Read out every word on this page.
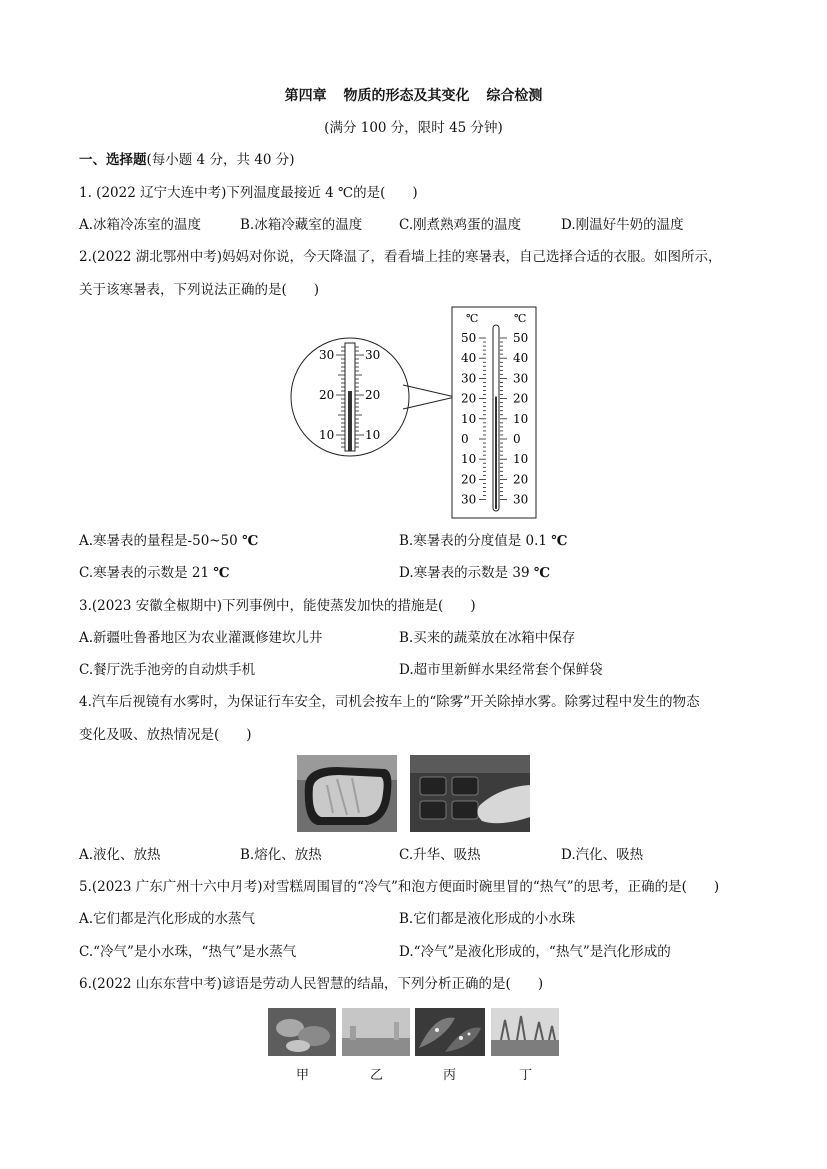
第四章 物质的形态及其变化 综合检测
(满分 100 分，限时 45 分钟)
一、选择题(每小题 4 分，共 40 分)
1. (2022 辽宁大连中考)下列温度最接近 4 ℃的是(　　)
A.冰箱冷冻室的温度	B.冰箱冷藏室的温度	C.刚煮熟鸡蛋的温度	D.刚温好牛奶的温度
2.(2022 湖北鄂州中考)妈妈对你说，今天降温了，看看墙上挂的寒暑表，自己选择合适的衣服。如图所示，
关于该寒暑表，下列说法正确的是(　　)
30
20
10
30
20
10
℃	℃
50	50
40	40
30	30
20	20
10	10
0	0
10	10
20	20
30	30
A.寒暑表的量程是-50~50 ℃	B.寒暑表的分度值是 0.1 ℃
C.寒暑表的示数是 21 ℃	D.寒暑表的示数是 39 ℃
3.(2023 安徽全椒期中)下列事例中，能使蒸发加快的措施是(　　)
A.新疆吐鲁番地区为农业灌溉修建坎儿井	B.买来的蔬菜放在冰箱中保存
C.餐厅洗手池旁的自动烘手机	D.超市里新鲜水果经常套个保鲜袋
4.汽车后视镜有水雾时，为保证行车安全，司机会按车上的“除雾”开关除掉水雾。除雾过程中发生的物态
变化及吸、放热情况是(　　)
A.液化、放热	B.熔化、放热	C.升华、吸热	D.汽化、吸热
5.(2023 广东广州十六中月考)对雪糕周围冒的“冷气”和泡方便面时碗里冒的“热气”的思考，正确的是(　　)
A.它们都是汽化形成的水蒸气	B.它们都是液化形成的小水珠
C.“冷气”是小水珠，“热气”是水蒸气	D.“冷气”是液化形成的，“热气”是汽化形成的
6.(2022 山东东营中考)谚语是劳动人民智慧的结晶，下列分析正确的是(　　)
甲	乙	丙	丁
